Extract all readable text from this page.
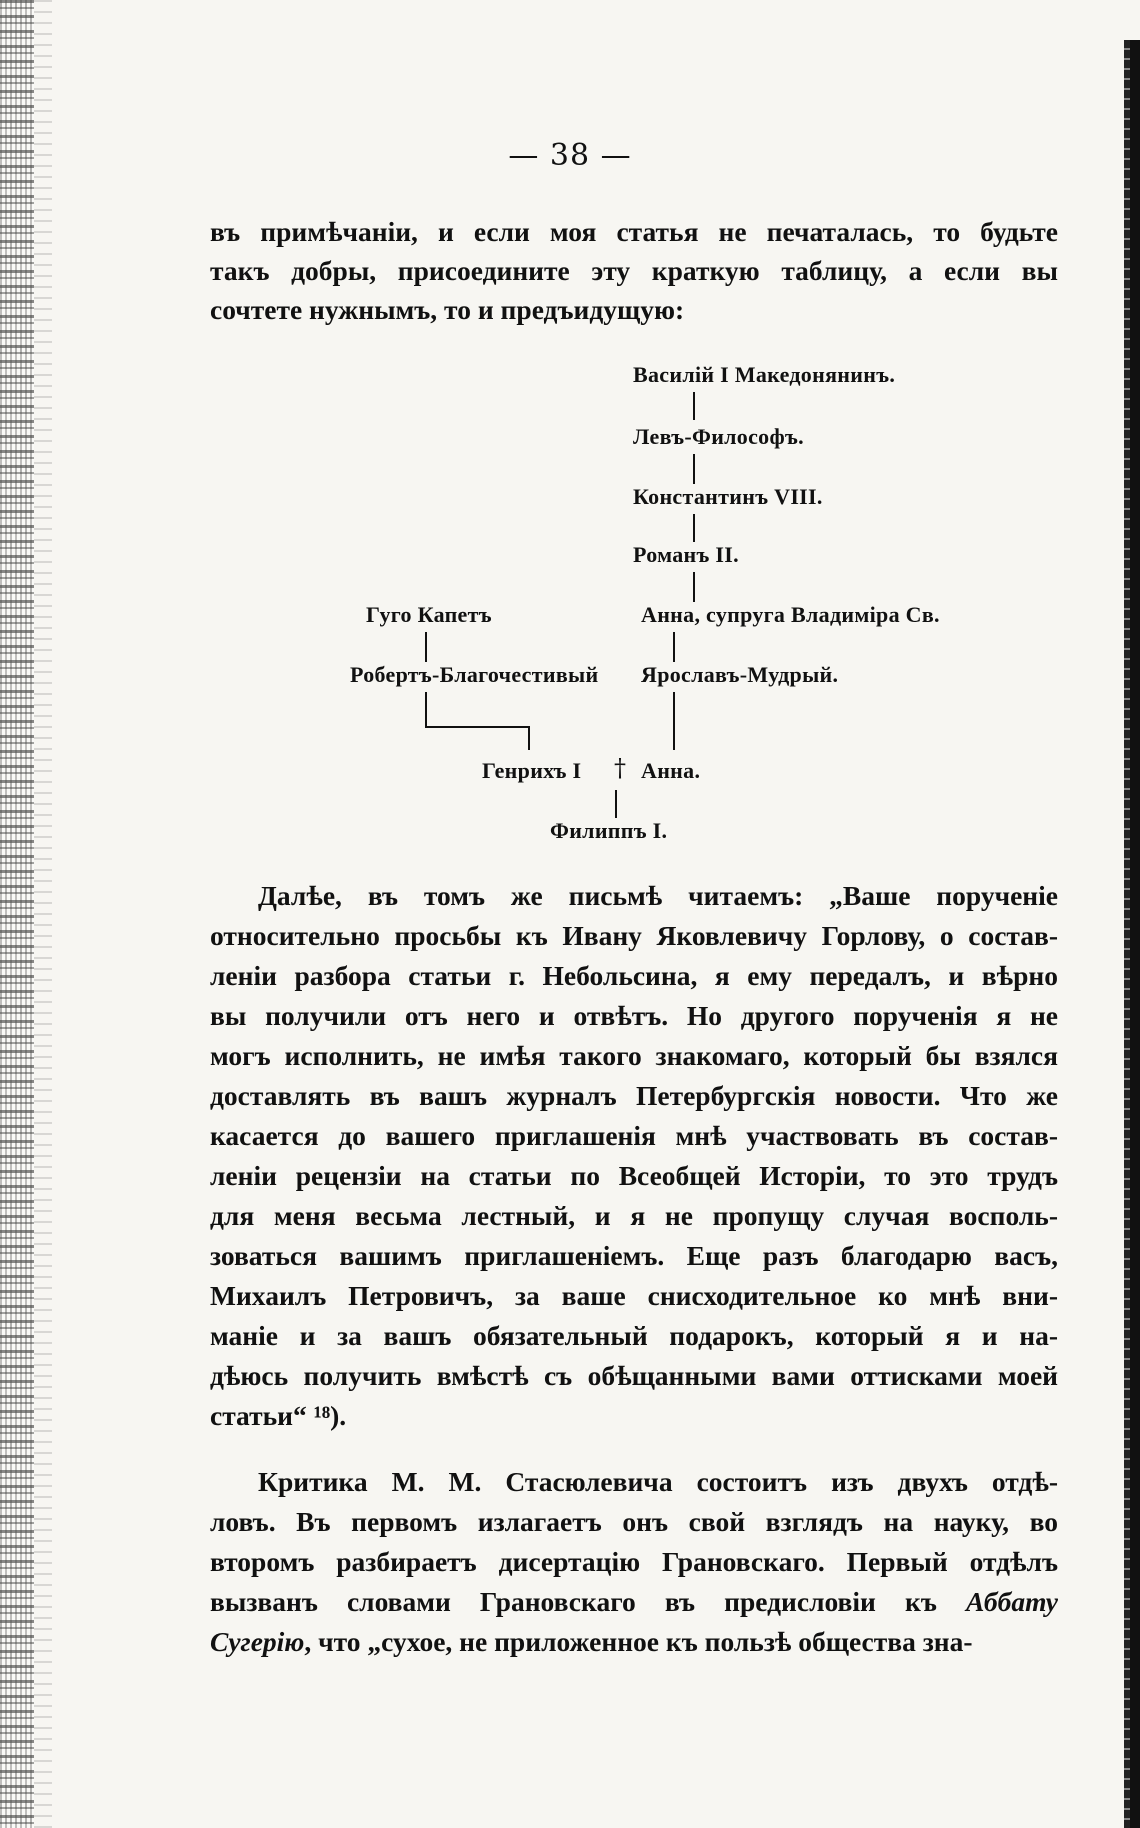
— 38 —
въ примѣчаніи, и если моя статья не печаталась, то будьте
такъ добры, присоедините эту краткую таблицу, а если вы
сочтете нужнымъ, то и предъидущую:
Василій I Македонянинъ.
Левъ-Философъ.
Константинъ VIII.
Романъ II.
Гуго Капетъ	Анна, супруга Владиміра Св.
Робертъ-Благочестивый Ярославъ-Мудрый.
Генрихъ I † Анна.
Филиппъ I.
Далѣе, въ томъ же письмѣ читаемъ: „Ваше порученіе
относительно просьбы къ Ивану Яковлевичу Горлову, о состав-
леніи разбора статьи г. Небольсина, я ему передалъ, и вѣрно
вы получили отъ него и отвѣтъ. Но другого порученія я не
могъ исполнить, не имѣя такого знакомаго, который бы взялся
доставлять въ вашъ журналъ Петербургскія новости. Что же
касается до вашего приглашенія мнѣ участвовать въ состав-
леніи рецензіи на статьи по Всеобщей Исторіи, то это трудъ
для меня весьма лестный, и я не пропущу случая восполь-
зоваться вашимъ приглашеніемъ. Еще разъ благодарю васъ,
Михаилъ Петровичъ, за ваше снисходительное ко мнѣ вни-
маніе и за вашъ обязательный подарокъ, который я и на-
дѣюсь получить вмѣстѣ съ обѣщанными вами оттисками моей
статьи“ ¹⁸).
Критика М. М. Стасюлевича состоитъ изъ двухъ отдѣ-
ловъ. Въ первомъ излагаетъ онъ свой взглядъ на науку, во
второмъ разбираетъ дисертацію Грановскаго. Первый отдѣлъ
вызванъ словами Грановскаго въ предисловіи къ Аббату
Сугерію, что „сухое, не приложенное къ пользѣ общества зна-
